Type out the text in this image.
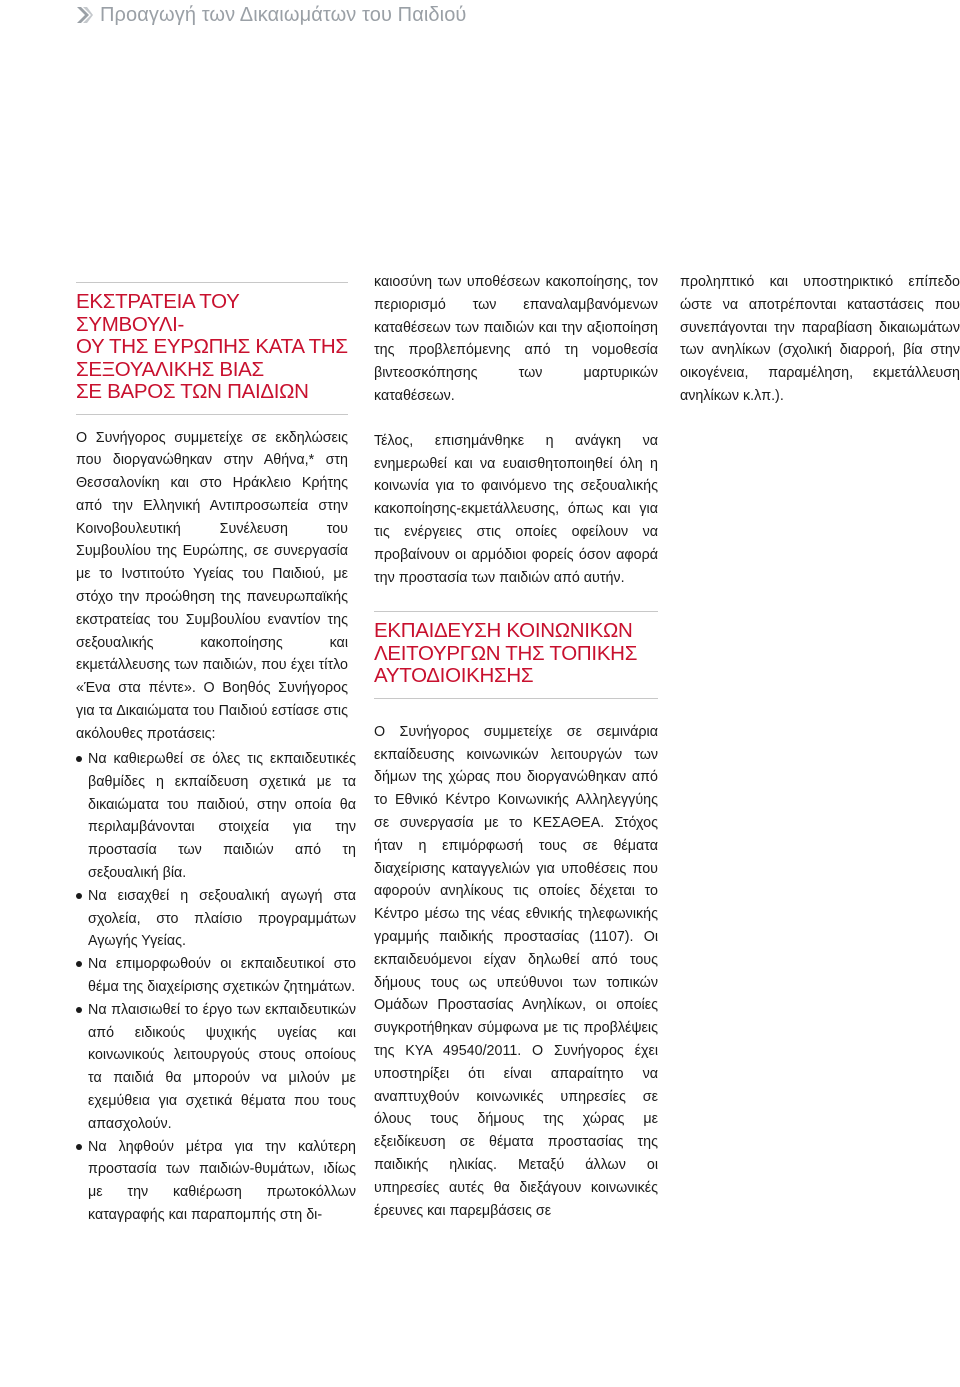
Προαγωγή των Δικαιωμάτων του Παιδιού
ΕΚΣΤΡΑΤΕΙΑ ΤΟΥ ΣΥΜΒΟΥΛΙ-
ΟΥ ΤΗΣ ΕΥΡΩΠΗΣ ΚΑΤΑ ΤΗΣ
ΣΕΞΟΥΑΛΙΚΗΣ ΒΙΑΣ
ΣΕ ΒΑΡΟΣ ΤΩΝ ΠΑΙΔΙΩΝ

Ο Συνήγορος συμμετείχε σε εκδηλώσεις που διοργανώθηκαν στην Αθήνα,* στη Θεσσαλονίκη και στο Ηράκλειο Κρήτης από την Ελληνική Αντιπροσωπεία στην Κοινοβουλευτική Συνέλευση του Συμβουλίου της Ευρώπης, σε συνεργασία με το Ινστιτούτο Υγείας του Παιδιού, με στόχο την προώθηση της πανευρωπαϊκής εκστρατείας του Συμβουλίου εναντίον της σεξουαλικής κακοποίησης και εκμετάλλευσης των παιδιών, που έχει τίτλο «Ένα στα πέντε». Ο Βοηθός Συνήγορος για τα Δικαιώματα του Παιδιού εστίασε στις ακόλουθες προτάσεις:

Να καθιερωθεί σε όλες τις εκπαιδευτικές βαθμίδες η εκπαίδευση σχετικά με τα δικαιώματα του παιδιού, στην οποία θα περιλαμβάνονται στοιχεία για την προστασία των παιδιών από τη σεξουαλική βία.
Να εισαχθεί η σεξουαλική αγωγή στα σχολεία, στο πλαίσιο προγραμμάτων Αγωγής Υγείας.
Να επιμορφωθούν οι εκπαιδευτικοί στο θέμα της διαχείρισης σχετικών ζητημάτων.
Να πλαισιωθεί το έργο των εκπαιδευτικών από ειδικούς ψυχικής υγείας και κοινωνικούς λειτουργούς στους οποίους τα παιδιά θα μπορούν να μιλούν με εχεμύθεια για σχετικά θέματα που τους απασχολούν.
Να ληφθούν μέτρα για την καλύτερη προστασία των παιδιών-θυμάτων, ιδίως με την καθιέρωση πρωτοκόλλων καταγραφής και παραπομπής στη δι-

καιοσύνη των υποθέσεων κακοποίησης, τον περιορισμό των επαναλαμβανόμενων καταθέσεων των παιδιών και την αξιοποίηση της προβλεπόμενης από τη νομοθεσία βιντεοσκόπησης των μαρτυρικών καταθέσεων.

Τέλος, επισημάνθηκε η ανάγκη να ενημερωθεί και να ευαισθητοποιηθεί όλη η κοινωνία για το φαινόμενο της σεξουαλικής κακοποίησης-εκμετάλλευσης, όπως και για τις ενέργειες στις οποίες οφείλουν να προβαίνουν οι αρμόδιοι φορείς όσον αφορά την προστασία των παιδιών από αυτήν.

ΕΚΠΑΙΔΕΥΣΗ ΚΟΙΝΩΝΙΚΩΝ
ΛΕΙΤΟΥΡΓΩΝ ΤΗΣ ΤΟΠΙΚΗΣ
ΑΥΤΟΔΙΟΙΚΗΣΗΣ

Ο Συνήγορος συμμετείχε σε σεμινάρια εκπαίδευσης κοινωνικών λειτουργών των δήμων της χώρας που διοργανώθηκαν από το Εθνικό Κέντρο Κοινωνικής Αλληλεγγύης σε συνεργασία με το ΚΕΣΑΘΕΑ. Στόχος ήταν η επιμόρφωσή τους σε θέματα διαχείρισης καταγγελιών για υποθέσεις που αφορούν ανηλίκους τις οποίες δέχεται το Κέντρο μέσω της νέας εθνικής τηλεφωνικής γραμμής παιδικής προστασίας (1107). Οι εκπαιδευόμενοι είχαν δηλωθεί από τους δήμους τους ως υπεύθυνοι των τοπικών Ομάδων Προστασίας Ανηλίκων, οι οποίες συγκροτήθηκαν σύμφωνα με τις προβλέψεις της ΚΥΑ 49540/2011. Ο Συνήγορος έχει υποστηρίξει ότι είναι απαραίτητο να αναπτυχθούν κοινωνικές υπηρεσίες σε όλους τους δήμους της χώρας με εξειδίκευση σε θέματα προστασίας της παιδικής ηλικίας. Μεταξύ άλλων οι υπηρεσίες αυτές θα διεξάγουν κοινωνικές έρευνες και παρεμβάσεις σε

προληπτικό και υποστηρικτικό επίπεδο ώστε να αποτρέπονται καταστάσεις που συνεπάγονται την παραβίαση δικαιωμάτων των ανηλίκων (σχολική διαρροή, βία στην οικογένεια, παραμέληση, εκμετάλλευση ανηλίκων κ.λπ.).
